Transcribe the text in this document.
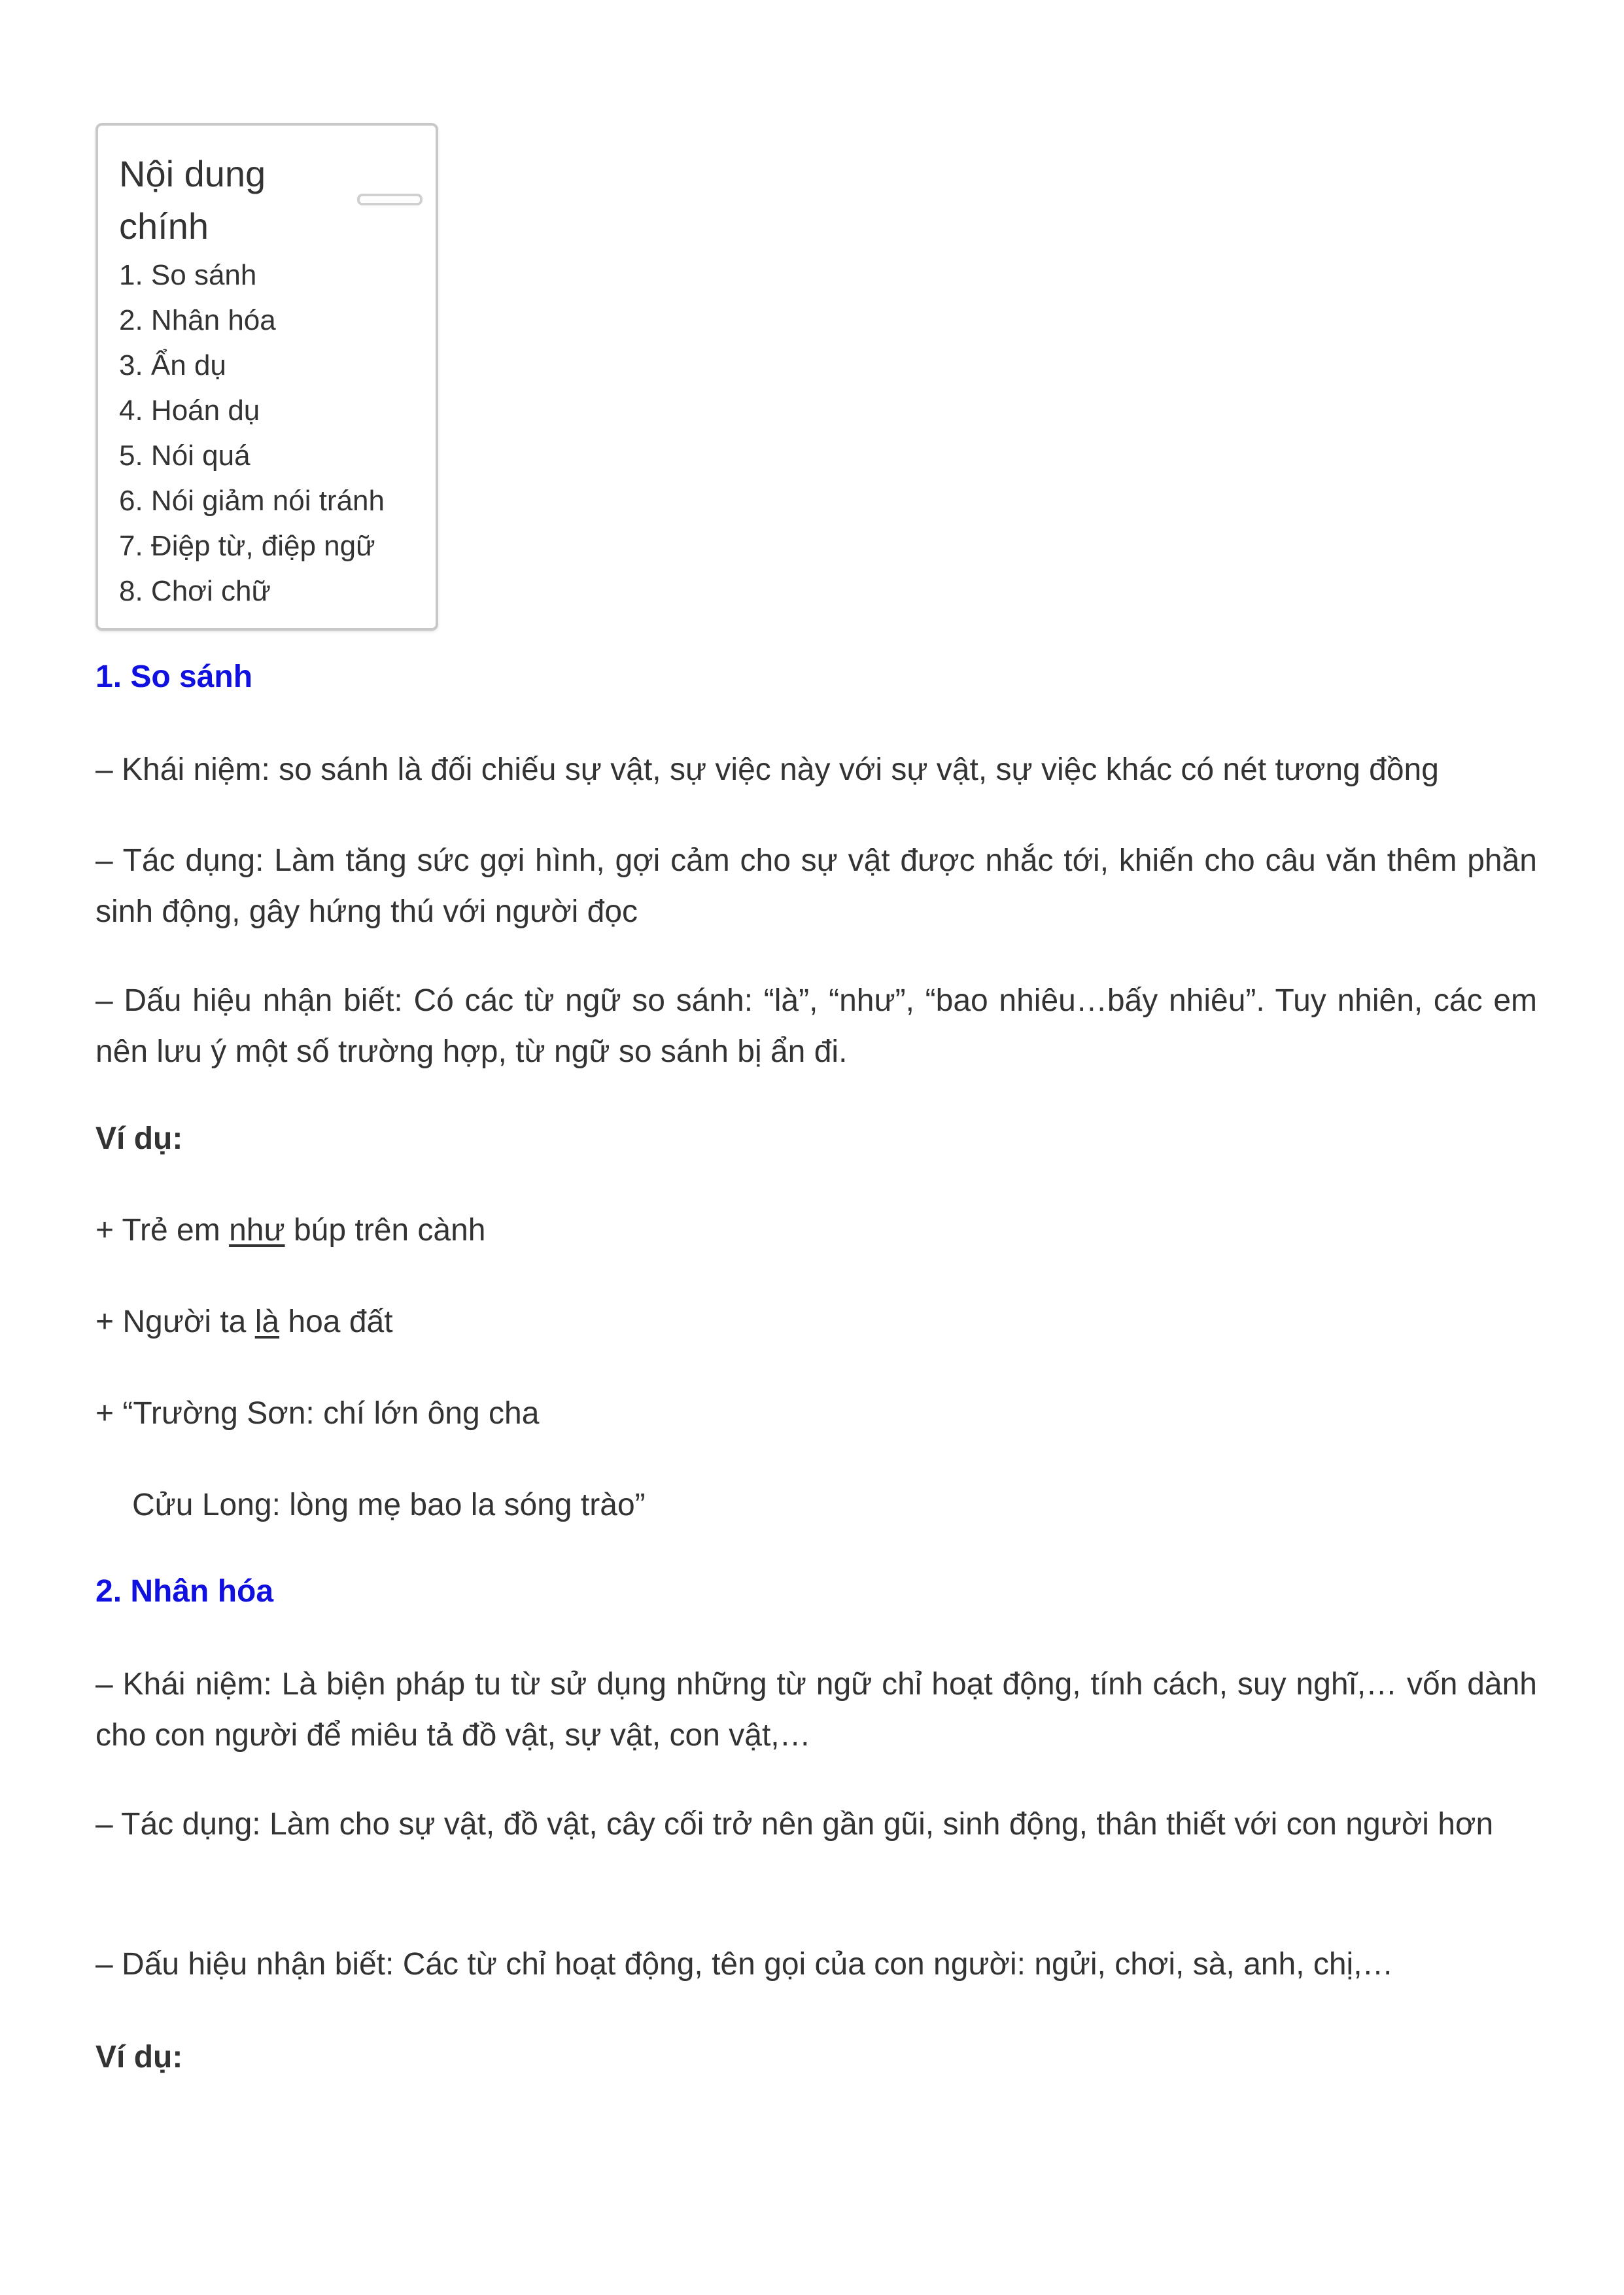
Nội dung chính
1. So sánh
2. Nhân hóa
3. Ẩn dụ
4. Hoán dụ
5. Nói quá
6. Nói giảm nói tránh
7. Điệp từ, điệp ngữ
8. Chơi chữ
1. So sánh
– Khái niệm: so sánh là đối chiếu sự vật, sự việc này với sự vật, sự việc khác có nét tương đồng
– Tác dụng: Làm tăng sức gợi hình, gợi cảm cho sự vật được nhắc tới, khiến cho câu văn thêm phần sinh động, gây hứng thú với người đọc
– Dấu hiệu nhận biết: Có các từ ngữ so sánh: “là”, “như”, “bao nhiêu…bấy nhiêu”. Tuy nhiên, các em nên lưu ý một số trường hợp, từ ngữ so sánh bị ẩn đi.
Ví dụ:
+ Trẻ em như búp trên cành
+ Người ta là hoa đất
+ “Trường Sơn: chí lớn ông cha
Cửu Long: lòng mẹ bao la sóng trào”
2. Nhân hóa
– Khái niệm: Là biện pháp tu từ sử dụng những từ ngữ chỉ hoạt động, tính cách, suy nghĩ,… vốn dành cho con người để miêu tả đồ vật, sự vật, con vật,…
– Tác dụng: Làm cho sự vật, đồ vật, cây cối trở nên gần gũi, sinh động, thân thiết với con người hơn
– Dấu hiệu nhận biết: Các từ chỉ hoạt động, tên gọi của con người: ngửi, chơi, sà, anh, chị,…
Ví dụ:
